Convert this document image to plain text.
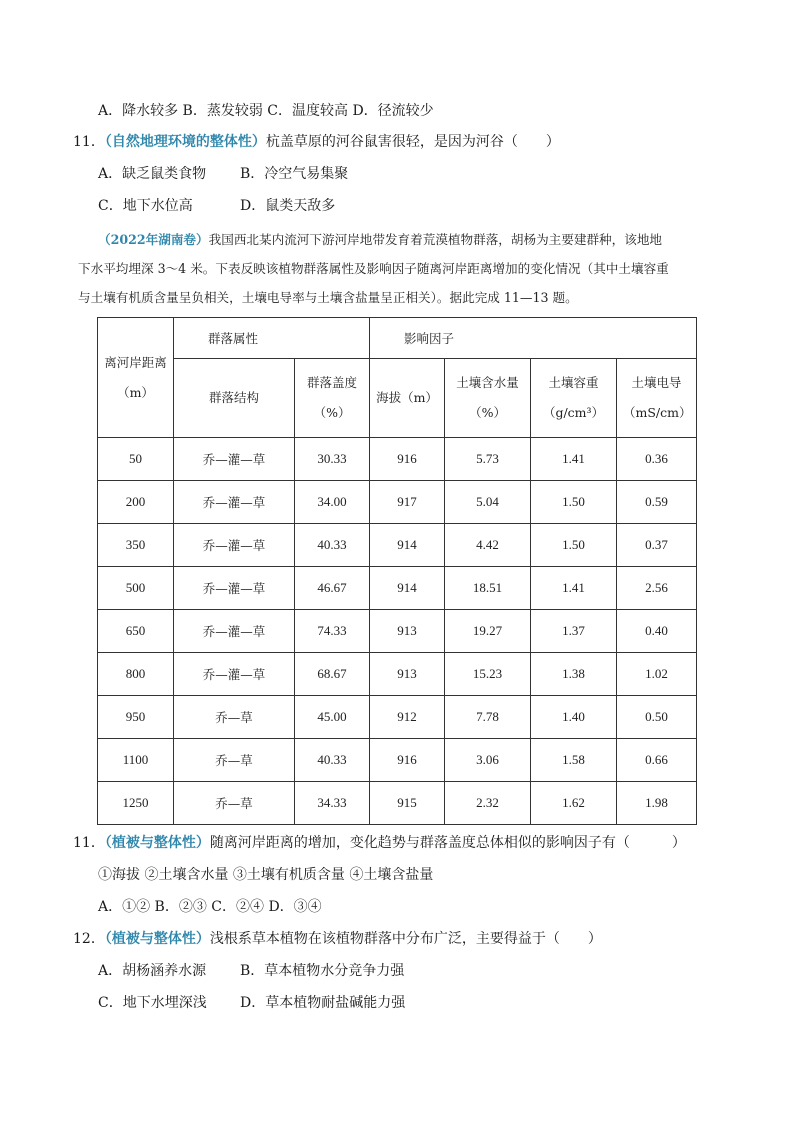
A．降水较多 B．蒸发较弱 C．温度较高 D．径流较少
11．（自然地理环境的整体性）杭盖草原的河谷鼠害很轻，是因为河谷（　　）
A．缺乏鼠类食物 B．冷空气易集聚
C．地下水位高	D．鼠类天敌多
（2022年湖南卷）我国西北某内流河下游河岸地带发育着荒漠植物群落，胡杨为主要建群种，该地地
下水平均埋深 3～4 米。下表反映该植物群落属性及影响因子随离河岸距离增加的变化情况（其中土壤容重
与土壤有机质含量呈负相关，土壤电导率与土壤含盐量呈正相关）。据此完成 11—13 题。
离河岸距离（m）	群落属性		影响因子			
	群落结构	群落盖度（%）	海拔（m）	土壤含水量（%）	土壤容重（g/cm³）	土壤电导（mS/cm）
50	乔—灌—草	30.33	916	5.73	1.41	0.36
200	乔—灌—草	34.00	917	5.04	1.50	0.59
350	乔—灌—草	40.33	914	4.42	1.50	0.37
500	乔—灌—草	46.67	914	18.51	1.41	2.56
650	乔—灌—草	74.33	913	19.27	1.37	0.40
800	乔—灌—草	68.67	913	15.23	1.38	1.02
950	乔—草	45.00	912	7.78	1.40	0.50
1100	乔—草	40.33	916	3.06	1.58	0.66
1250	乔—草	34.33	915	2.32	1.62	1.98
11．（植被与整体性）随离河岸距离的增加，变化趋势与群落盖度总体相似的影响因子有（　　　）
①海拔 ②土壤含水量 ③土壤有机质含量 ④土壤含盐量
A．①② B．②③ C．②④ D．③④
12．（植被与整体性）浅根系草本植物在该植物群落中分布广泛，主要得益于（　　）
A．胡杨涵养水源 B．草本植物水分竞争力强
C．地下水埋深浅 D．草本植物耐盐碱能力强
